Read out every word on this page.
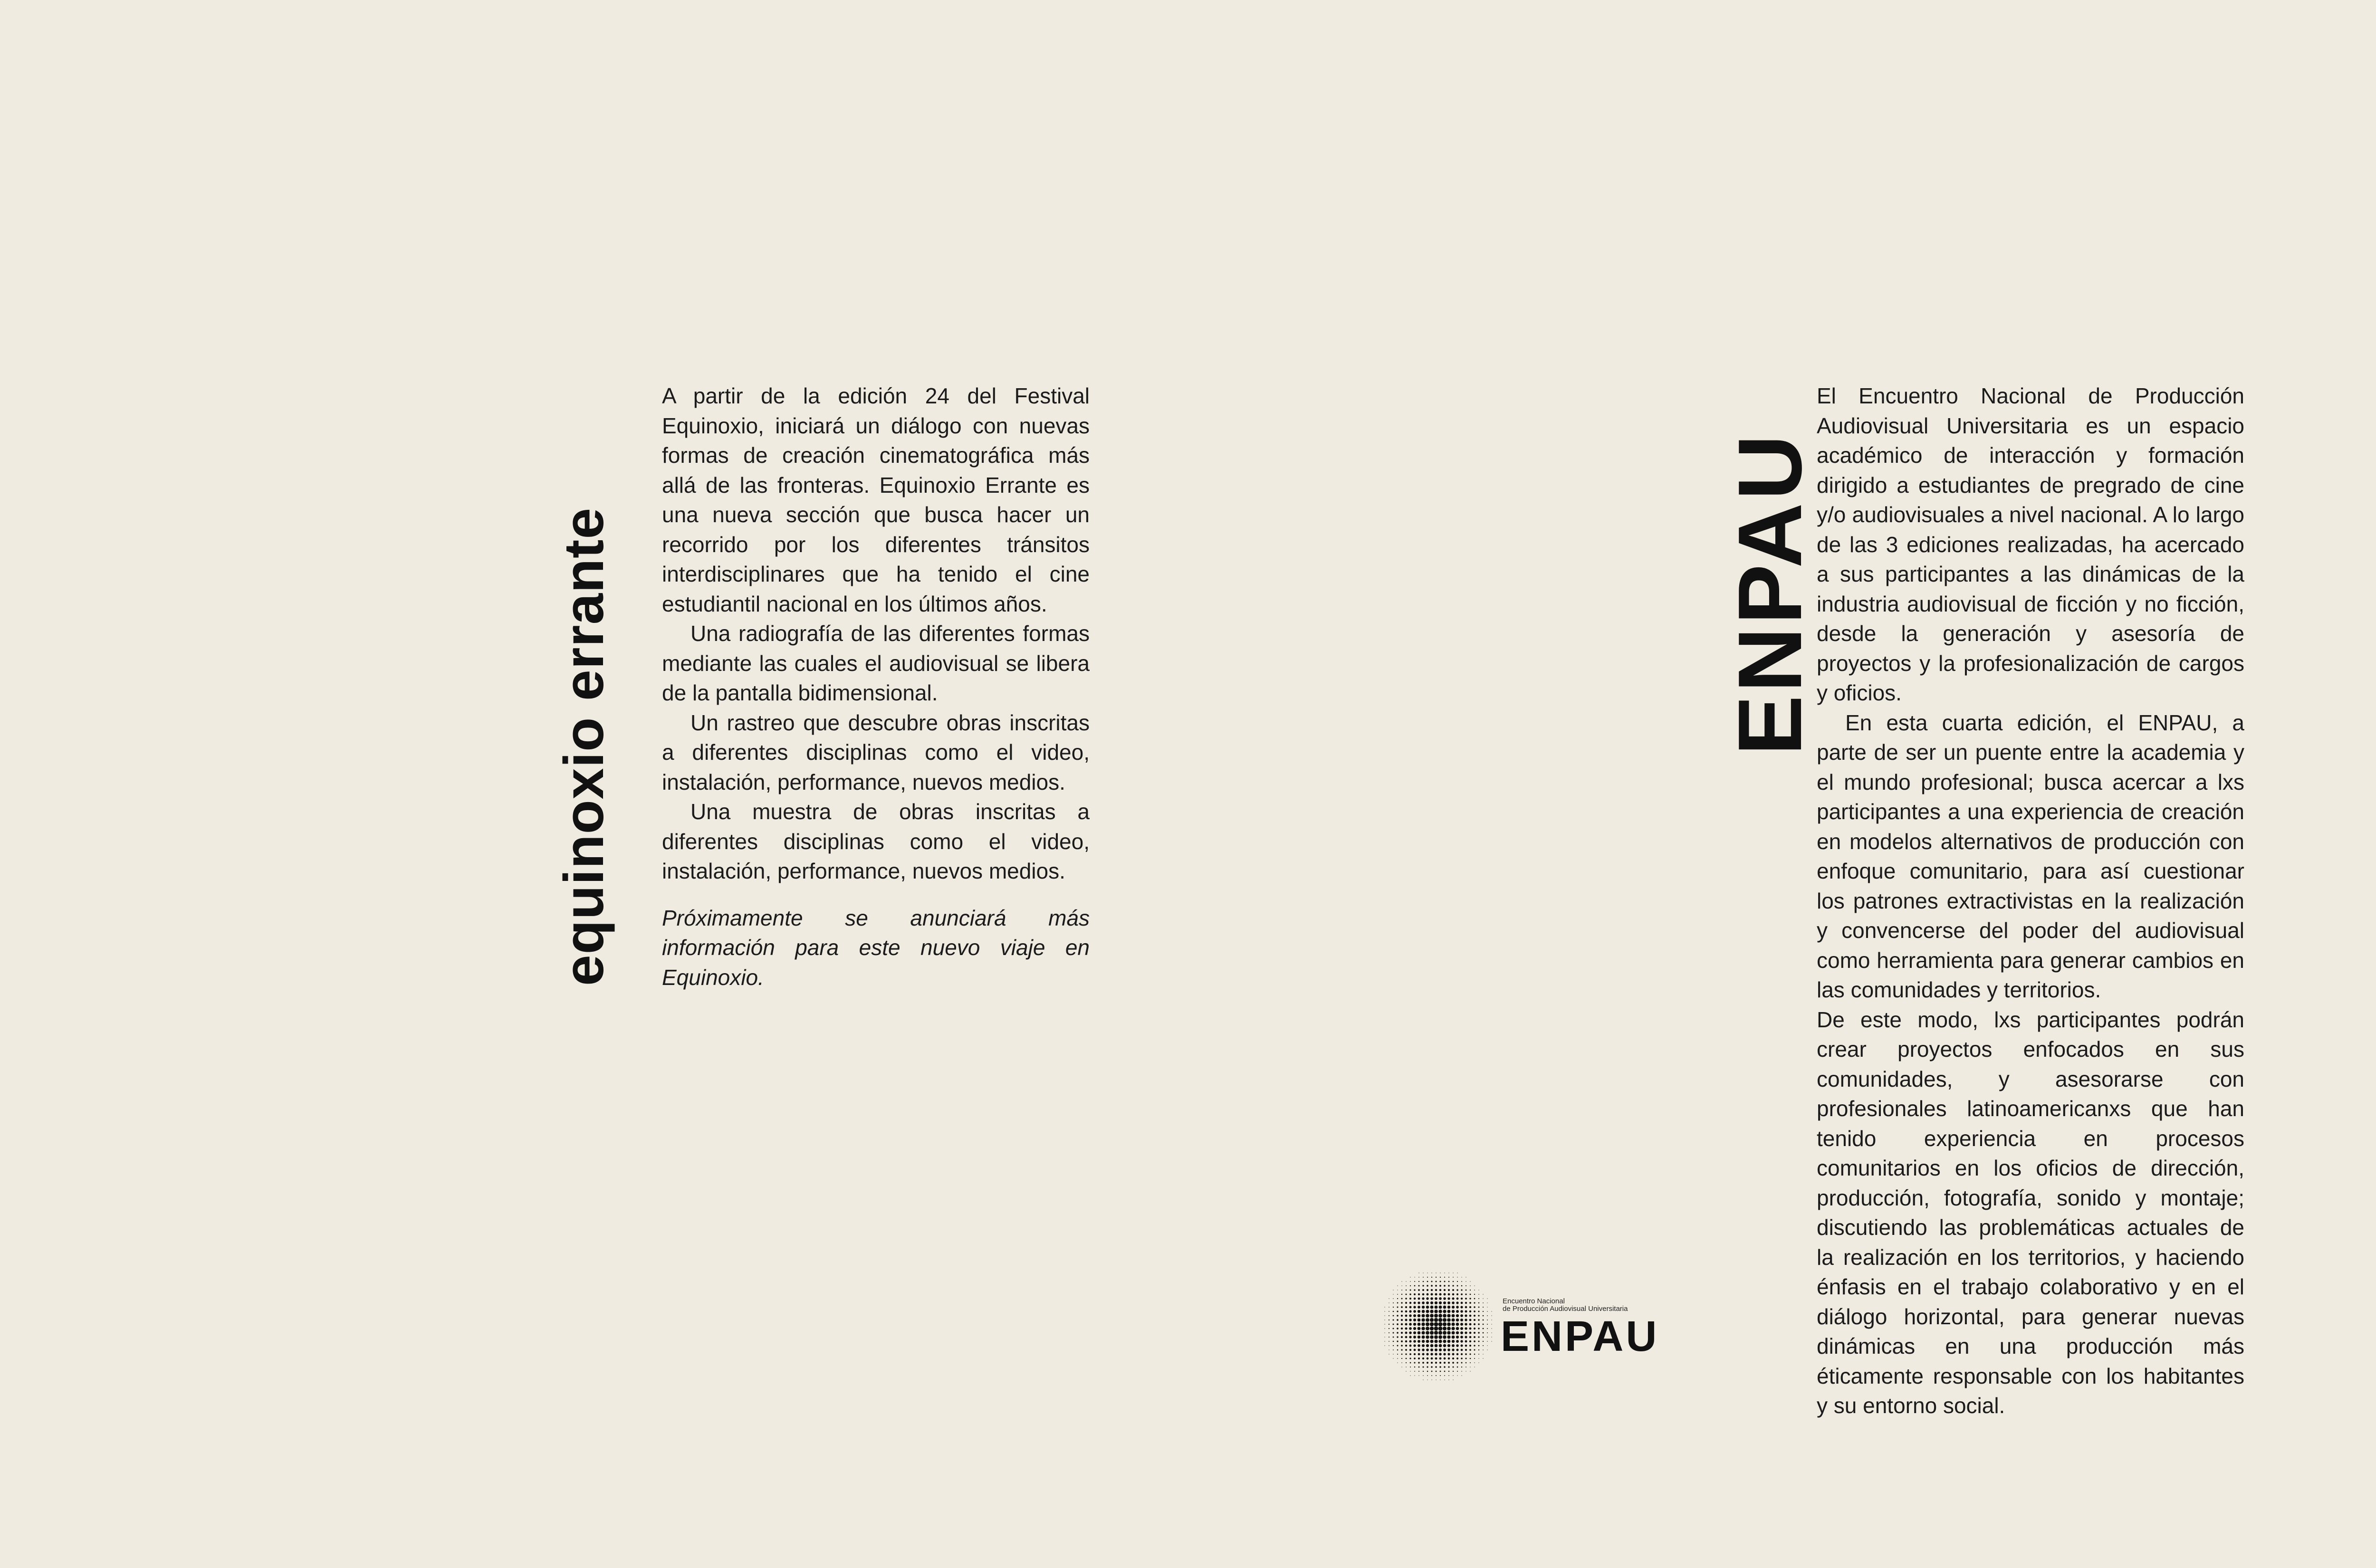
equinoxio errante

A partir de la edición 24 del Festival Equinoxio, iniciará un diálogo con nuevas formas de creación cinematográfica más allá de las fronteras. Equinoxio Errante es una nueva sección que busca hacer un recorrido por los diferentes tránsitos interdisciplinares que ha tenido el cine estudiantil nacional en los últimos años.

Una radiografía de las diferentes formas mediante las cuales el audiovisual se libera de la pantalla bidimensional.

Un rastreo que descubre obras inscritas a diferentes disciplinas como el video, instalación, performance, nuevos medios.

Una muestra de obras inscritas a diferentes disciplinas como el video, instalación, performance, nuevos medios.

Próximamente se anunciará más información para este nuevo viaje en Equinoxio.

ENPAU

El Encuentro Nacional de Producción Audiovisual Universitaria es un espacio académico de interacción y formación dirigido a estudiantes de pregrado de cine y/o audiovisuales a nivel nacional. A lo largo de las 3 ediciones realizadas, ha acercado a sus participantes a las dinámicas de la industria audiovisual de ficción y no ficción, desde la generación y asesoría de proyectos y la profesionalización de cargos y oficios.

En esta cuarta edición, el ENPAU, a parte de ser un puente entre la academia y el mundo profesional; busca acercar a lxs participantes a una experiencia de creación en modelos alternativos de producción con enfoque comunitario, para así cuestionar los patrones extractivistas en la realización y convencerse del poder del audiovisual como herramienta para generar cambios en las comunidades y territorios.

De este modo, lxs participantes podrán crear proyectos enfocados en sus comunidades, y asesorarse con profesionales latinoamericanxs que han tenido experiencia en procesos comunitarios en los oficios de dirección, producción, fotografía, sonido y montaje; discutiendo las problemáticas actuales de la realización en los territorios, y haciendo énfasis en el trabajo colaborativo y en el diálogo horizontal, para generar nuevas dinámicas en una producción más éticamente responsable con los habitantes y su entorno social.

Encuentro Nacional
de Producción Audiovisual Universitaria
ENPAU
